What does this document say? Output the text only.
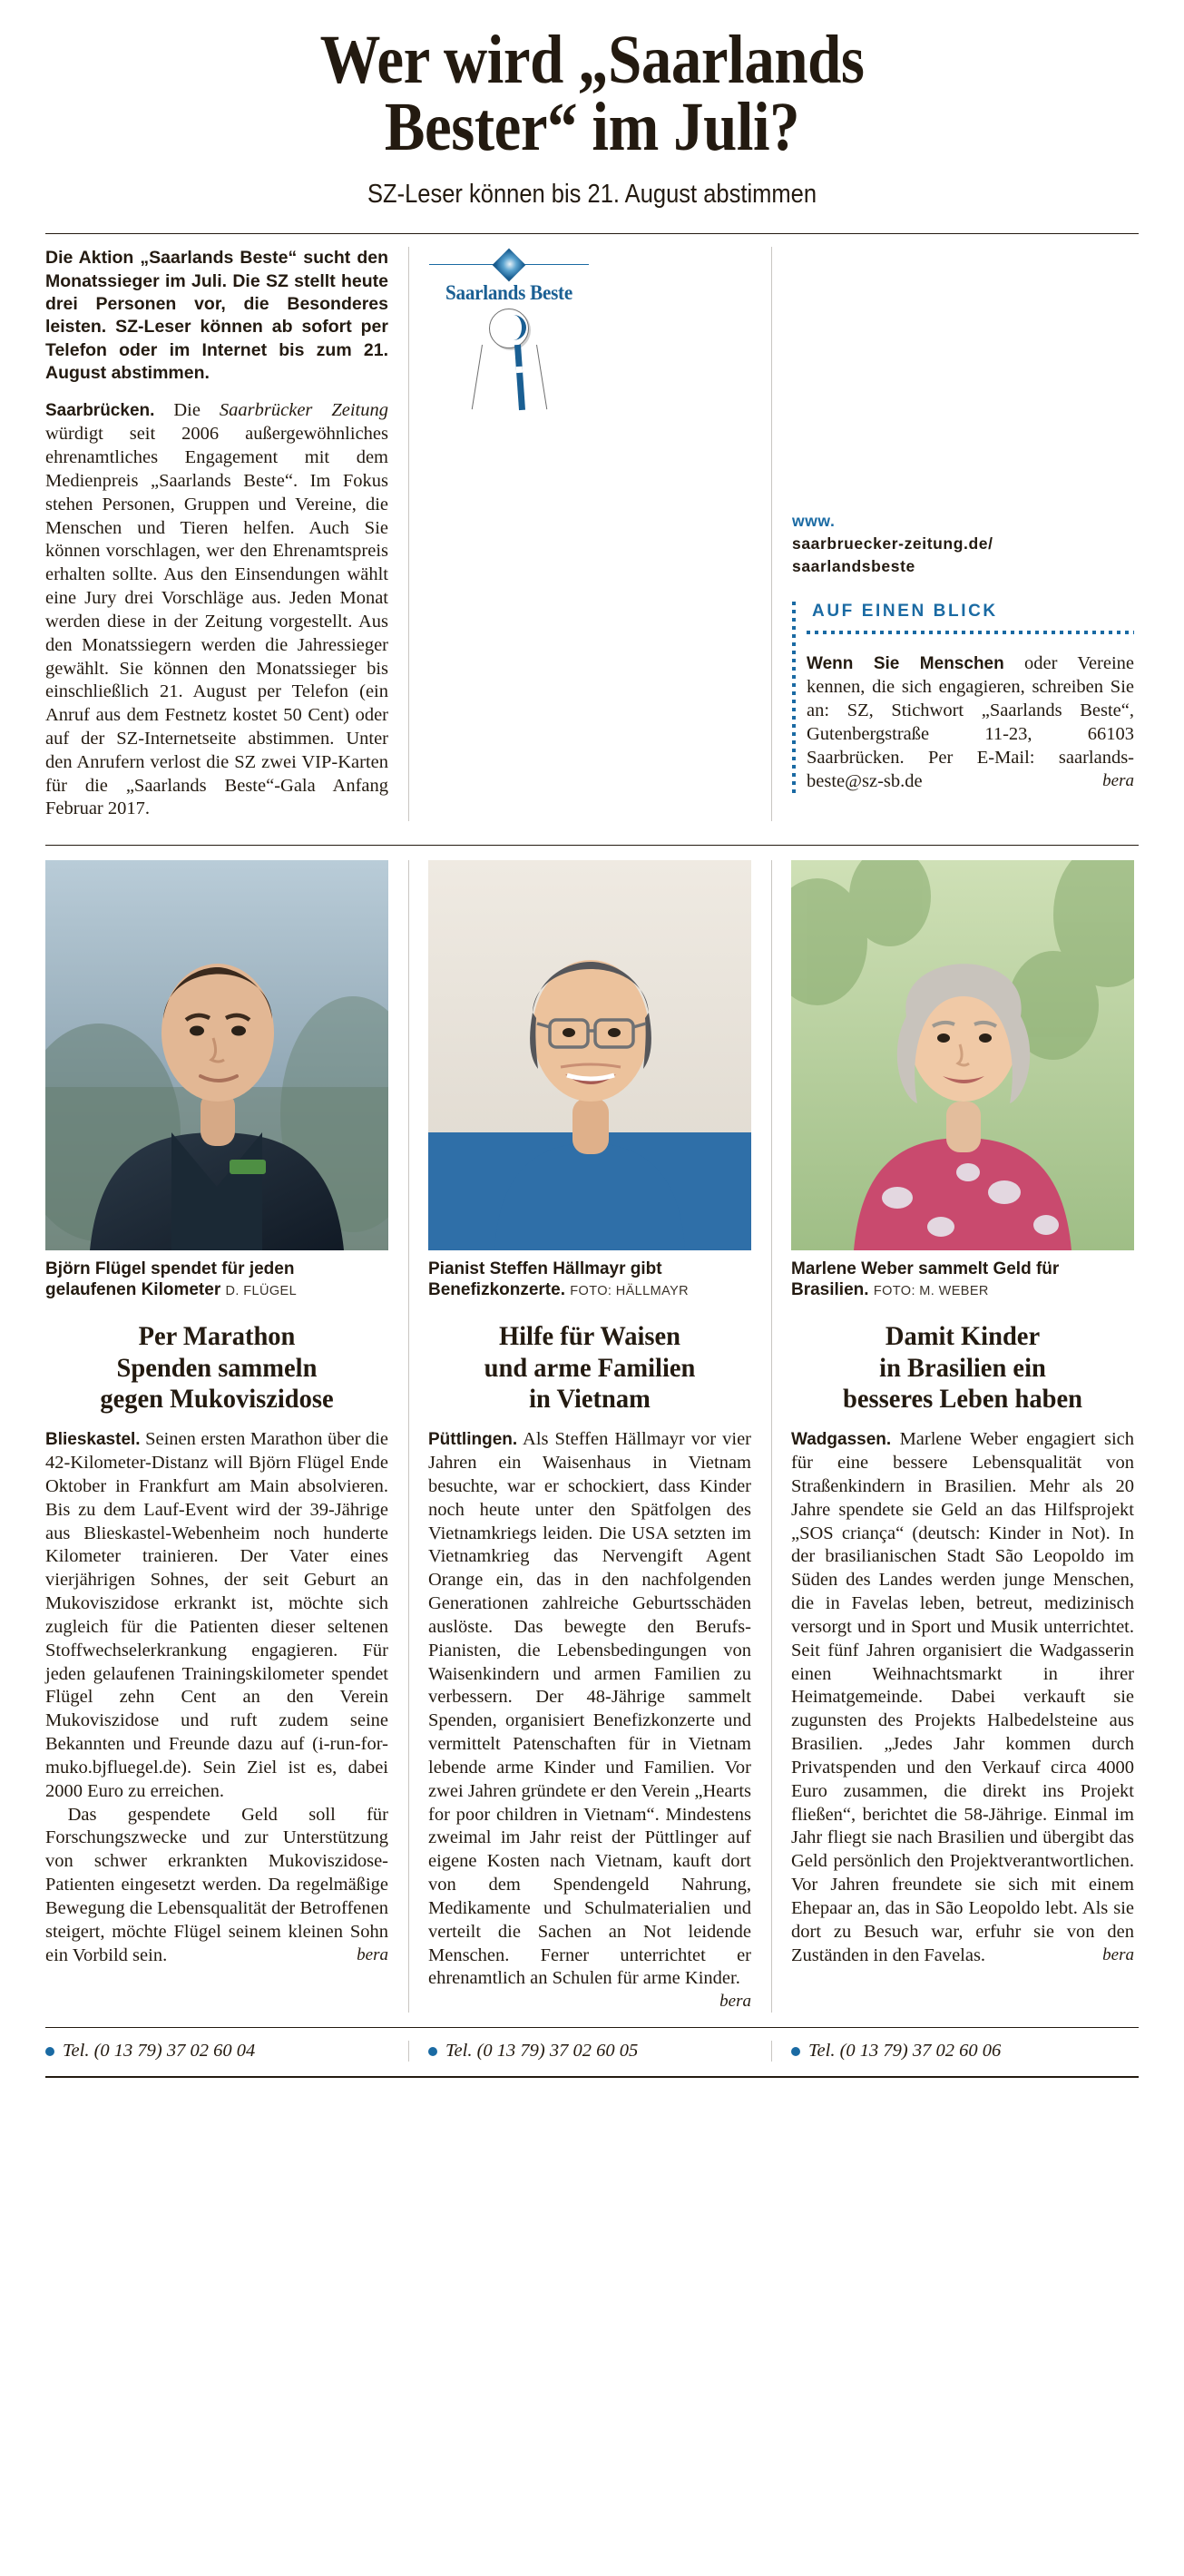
Wer wird „Saarlands
Bester“ im Juli?
SZ-Leser können bis 21. August abstimmen

Die Aktion „Saarlands Beste“ sucht den Monatssieger im Juli. Die SZ stellt heute drei Personen vor, die Besonderes leisten. SZ-Leser können ab sofort per Telefon oder im Internet bis zum 21. August abstimmen.

Saarbrücken. Die Saarbrücker Zeitung würdigt seit 2006 außergewöhnliches ehrenamtliches Engagement mit dem Medienpreis „Saarlands Beste“. Im Fokus stehen Personen, Gruppen und Vereine, die Menschen und Tieren helfen. Auch Sie können vorschlagen, wer den Ehrenamtspreis erhalten sollte. Aus den Einsendungen wählt eine Jury drei Vorschläge aus. Jeden Monat werden diese in der Zeitung vorgestellt. Aus den Monatssiegern werden die Jahressieger gewählt. Sie können den Monatssieger bis einschließlich 21. August per Telefon (ein Anruf aus dem Festnetz kostet 50 Cent) oder auf der SZ-Internetseite abstimmen. Unter den Anrufern verlost die SZ zwei VIP-Karten für die „Saarlands Beste“-Gala Anfang Februar 2017.

Saarlands Beste
www.
saarbruecker-zeitung.de/
saarlandsbeste
AUF EINEN BLICK

Wenn Sie Menschen oder Vereine kennen, die sich engagieren, schreiben Sie an: SZ, Stichwort „Saarlands Beste“, Gutenbergstraße 11-23, 66103 Saarbrücken. Per E-Mail: saarlands-beste@sz-sb.de	bera

Björn Flügel spendet für jeden gelaufenen Kilometer D. FLÜGEL
Per Marathon
Spenden sammeln
gegen Mukoviszidose

Blieskastel. Seinen ersten Marathon über die 42-Kilometer-Distanz will Björn Flügel Ende Oktober in Frankfurt am Main absolvieren. Bis zu dem Lauf-Event wird der 39-Jährige aus Blieskastel-Webenheim noch hunderte Kilometer trainieren. Der Vater eines vierjährigen Sohnes, der seit Geburt an Mukoviszidose erkrankt ist, möchte sich zugleich für die Patienten dieser seltenen Stoffwechselerkrankung engagieren. Für jeden gelaufenen Trainingskilometer spendet Flügel zehn Cent an den Verein Mukoviszidose und ruft zudem seine Bekannten und Freunde dazu auf (i-run-for-muko.bjfluegel.de). Sein Ziel ist es, dabei 2000 Euro zu erreichen.

Das gespendete Geld soll für Forschungszwecke und zur Unterstützung von schwer erkrankten Mukoviszidose-Patienten eingesetzt werden. Da regelmäßige Bewegung die Lebensqualität der Betroffenen steigert, möchte Flügel seinem kleinen Sohn ein Vorbild sein.	bera

Pianist Steffen Hällmayr gibt Benefizkonzerte. FOTO: HÄLLMAYR
Hilfe für Waisen
und arme Familien
in Vietnam

Püttlingen. Als Steffen Hällmayr vor vier Jahren ein Waisenhaus in Vietnam besuchte, war er schockiert, dass Kinder noch heute unter den Spätfolgen des Vietnamkriegs leiden. Die USA setzten im Vietnamkrieg das Nervengift Agent Orange ein, das in den nachfolgenden Generationen zahlreiche Geburtsschäden auslöste. Das bewegte den Berufs-Pianisten, die Lebensbedingungen von Waisenkindern und armen Familien zu verbessern. Der 48-Jährige sammelt Spenden, organisiert Benefizkonzerte und vermittelt Patenschaften für in Vietnam lebende arme Kinder und Familien. Vor zwei Jahren gründete er den Verein „Hearts for poor children in Vietnam“. Mindestens zweimal im Jahr reist der Püttlinger auf eigene Kosten nach Vietnam, kauft dort von dem Spendengeld Nahrung, Medikamente und Schulmaterialien und verteilt die Sachen an Not leidende Menschen. Ferner unterrichtet er ehrenamtlich an Schulen für arme Kinder.
bera

Marlene Weber sammelt Geld für Brasilien. FOTO: M. WEBER
Damit Kinder
in Brasilien ein
besseres Leben haben

Wadgassen. Marlene Weber engagiert sich für eine bessere Lebensqualität von Straßenkindern in Brasilien. Mehr als 20 Jahre spendete sie Geld an das Hilfsprojekt „SOS criança“ (deutsch: Kinder in Not). In der brasilianischen Stadt São Leopoldo im Süden des Landes werden junge Menschen, die in Favelas leben, betreut, medizinisch versorgt und in Sport und Musik unterrichtet. Seit fünf Jahren organisiert die Wadgasserin einen Weihnachtsmarkt in ihrer Heimatgemeinde. Dabei verkauft sie zugunsten des Projekts Halbedelsteine aus Brasilien. „Jedes Jahr kommen durch Privatspenden und den Verkauf circa 4000 Euro zusammen, die direkt ins Projekt fließen“, berichtet die 58-Jährige. Einmal im Jahr fliegt sie nach Brasilien und übergibt das Geld persönlich den Projektverantwortlichen. Vor Jahren freundete sie sich mit einem Ehepaar an, das in São Leopoldo lebt. Als sie dort zu Besuch war, erfuhr sie von den Zuständen in den Favelas.	bera

Tel. (0 13 79) 37 02 60 04	Tel. (0 13 79) 37 02 60 05	Tel. (0 13 79) 37 02 60 06
